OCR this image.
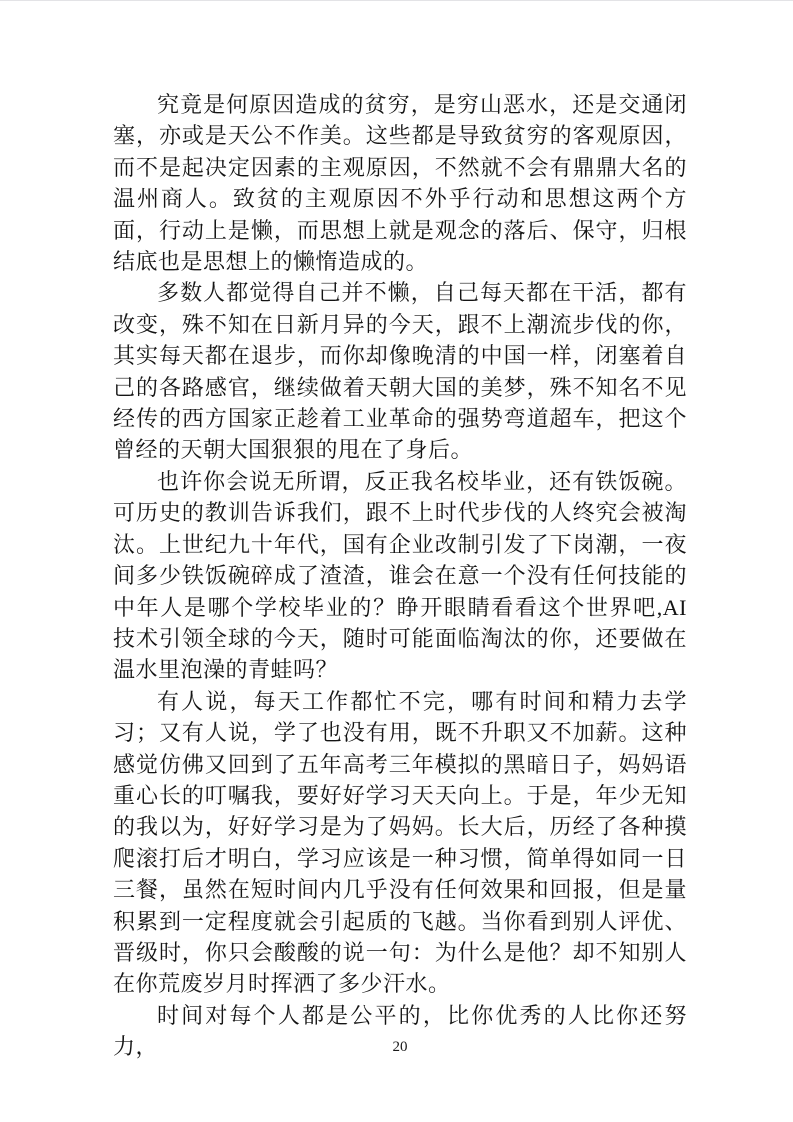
究竟是何原因造成的贫穷，是穷山恶水，还是交通闭塞，亦或是天公不作美。这些都是导致贫穷的客观原因，而不是起决定因素的主观原因，不然就不会有鼎鼎大名的温州商人。致贫的主观原因不外乎行动和思想这两个方面，行动上是懒，而思想上就是观念的落后、保守，归根结底也是思想上的懒惰造成的。

多数人都觉得自己并不懒，自己每天都在干活，都有改变，殊不知在日新月异的今天，跟不上潮流步伐的你，其实每天都在退步，而你却像晚清的中国一样，闭塞着自己的各路感官，继续做着天朝大国的美梦，殊不知名不见经传的西方国家正趁着工业革命的强势弯道超车，把这个曾经的天朝大国狠狠的甩在了身后。

也许你会说无所谓，反正我名校毕业，还有铁饭碗。可历史的教训告诉我们，跟不上时代步伐的人终究会被淘汰。上世纪九十年代，国有企业改制引发了下岗潮，一夜间多少铁饭碗碎成了渣渣，谁会在意一个没有任何技能的中年人是哪个学校毕业的？睁开眼睛看看这个世界吧,AI 技术引领全球的今天，随时可能面临淘汰的你，还要做在温水里泡澡的青蛙吗？

有人说，每天工作都忙不完，哪有时间和精力去学习；又有人说，学了也没有用，既不升职又不加薪。这种感觉仿佛又回到了五年高考三年模拟的黑暗日子，妈妈语重心长的叮嘱我，要好好学习天天向上。于是，年少无知的我以为，好好学习是为了妈妈。长大后，历经了各种摸爬滚打后才明白，学习应该是一种习惯，简单得如同一日三餐，虽然在短时间内几乎没有任何效果和回报，但是量积累到一定程度就会引起质的飞越。当你看到别人评优、晋级时，你只会酸酸的说一句：为什么是他？却不知别人在你荒废岁月时挥洒了多少汗水。

时间对每个人都是公平的，比你优秀的人比你还努力，	20
